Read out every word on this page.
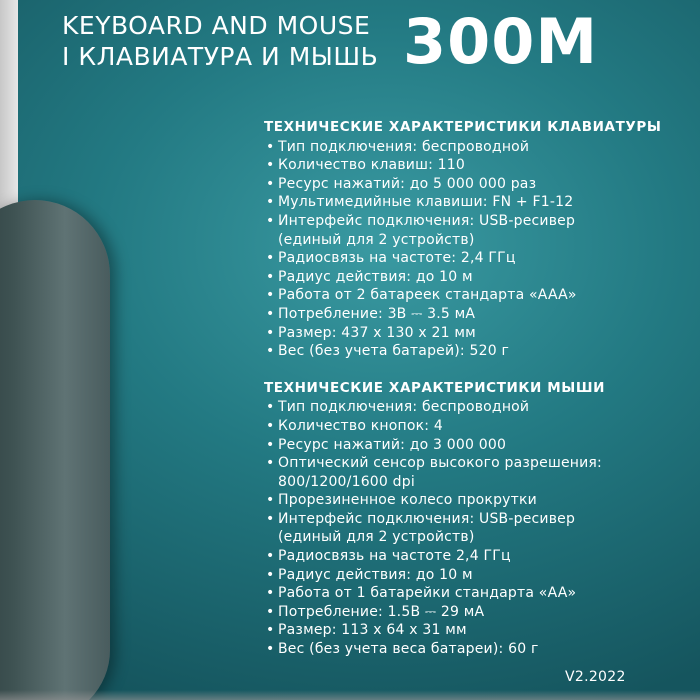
KEYBOARD AND MOUSE
I КЛАВИАТУРА И МЫШЬ 300M
ТЕХНИЧЕСКИЕ ХАРАКТЕРИСТИКИ КЛАВИАТУРЫ
• Тип подключения: беспроводной
• Количество клавиш: 110
• Ресурс нажатий: до 5 000 000 раз
• Мультимедийные клавиши: FN + F1-12
• Интерфейс подключения: USB-ресивер
(единый для 2 устройств)
• Радиосвязь на частоте: 2,4 ГГц
• Радиус действия: до 10 м
• Работа от 2 батареек стандарта «AAA»
• Потребление: 3В ⎓ 3.5 мА
• Размер: 437 х 130 х 21 мм
• Вес (без учета батарей): 520 г
ТЕХНИЧЕСКИЕ ХАРАКТЕРИСТИКИ МЫШИ
• Тип подключения: беспроводной
• Количество кнопок: 4
• Ресурс нажатий: до 3 000 000
• Оптический сенсор высокого разрешения:
800/1200/1600 dpi
• Прорезиненное колесо прокрутки
• Интерфейс подключения: USB-ресивер
(единый для 2 устройств)
• Радиосвязь на частоте 2,4 ГГц
• Радиус действия: до 10 м
• Работа от 1 батарейки стандарта «AA»
• Потребление: 1.5В ⎓ 29 мА
• Размер: 113 х 64 х 31 мм
• Вес (без учета веса батареи): 60 г
V2.2022
